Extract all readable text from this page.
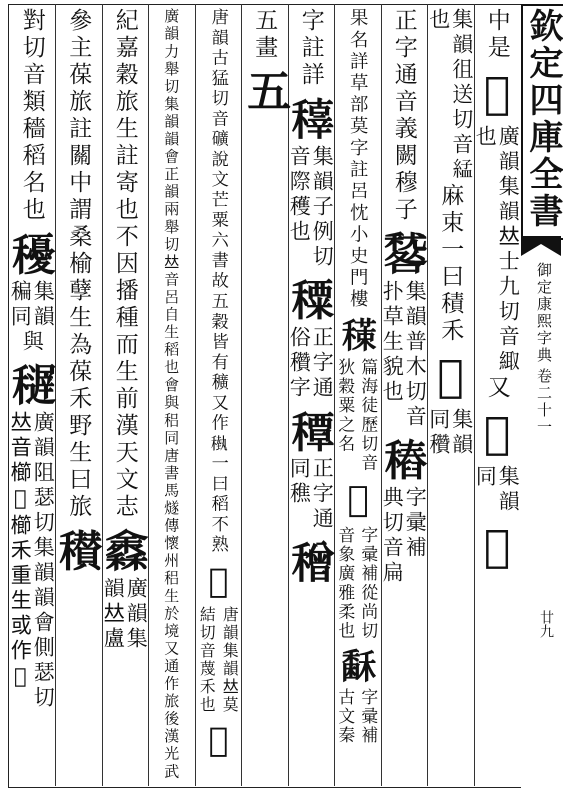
中是
𥟅
廣韻集韻𠀤士九切音緅
也
又
𥡳
集韻
同
𥢦
集韻徂送切音𦁧
也
麻束一曰積禾
𥢤
集韻
同穳
正字通音義闕穆子
𥢑
集韻普木切音
扑草生貌也
𥡟
字彚補
典切音扁
果名詳草部莫字註
呂忱小史門樓
𥢇
篇海徒歷切音
狄穀粟之名
𥡸
字彚補從尚切
音象廣雅柔也
𥢖
字彚補
古文秦
字註詳
𥢍
集韻子例切
音際穫也
𥢕
正字通
俗穳字
𥢏
正字通
同穛
𥢥
五畫
五
唐韻古猛切音礦說文芒粟六書故
五穀皆有穬又作𥡩一曰稻不熟
𥢗
唐韻集韻𠀤莫
結切音蔑禾也
𥣎
廣韻力舉切集韻韻會正韻兩舉切𠀤音呂自生稻也
會與稆同唐書馬燧傳懷州稆生於境又通作旅後漢光武
紀嘉穀旅生註寄也不因播種而生前漢天文志
𥣠
廣韻集
韻𠀤盧
參主葆旅註關中謂桑榆孽生為葆禾野生曰旅
𥣪
對切音類
穡稻名也
𥣯
集韻
稨同
與
𥣦
廣韻阻瑟切集韻韻會側瑟切
𠀤音櫛𥟴櫛禾重生或作𥤌
欽定四庫全書
御定康熙字典 卷二十一
廿九
